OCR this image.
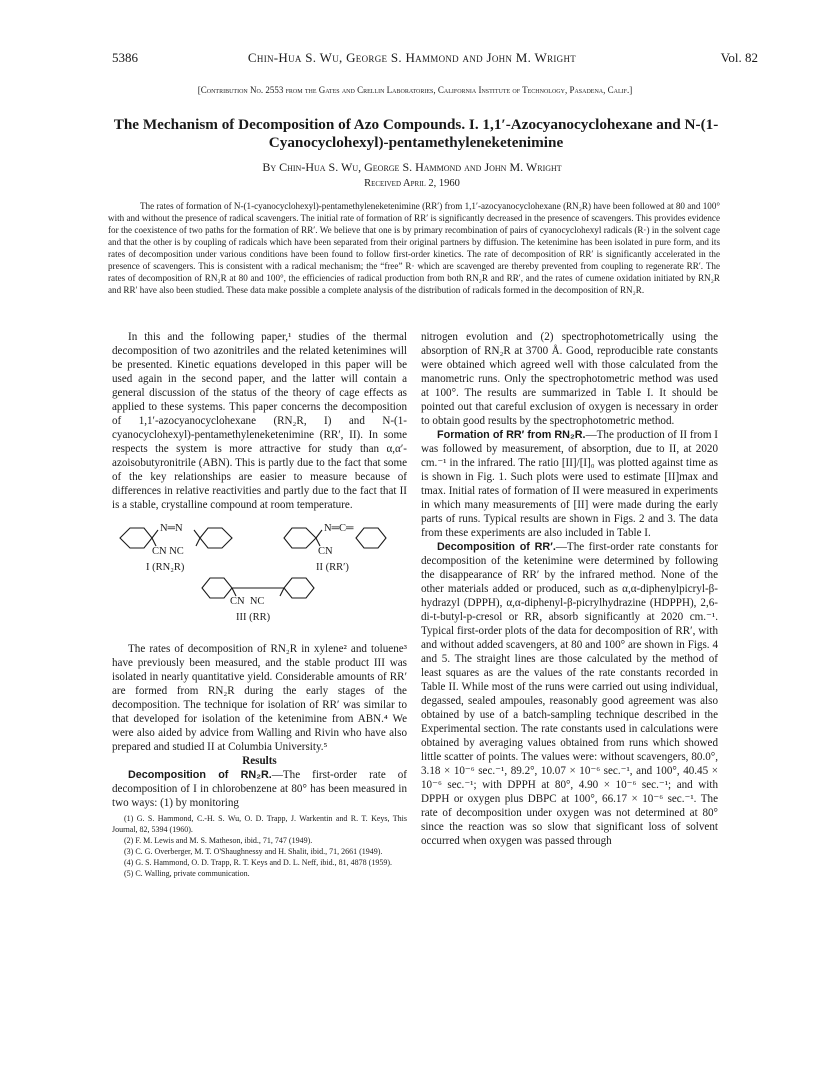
5386	Chin-Hua S. Wu, George S. Hammond and John M. Wright	Vol. 82
[Contribution No. 2553 from the Gates and Crellin Laboratories, California Institute of Technology, Pasadena, Calif.]
The Mechanism of Decomposition of Azo Compounds. I. 1,1′-Azocyanocyclohexane and N-(1-Cyanocyclohexyl)-pentamethyleneketenimine
By Chin-Hua S. Wu, George S. Hammond and John M. Wright
Received April 2, 1960
The rates of formation of N-(1-cyanocyclohexyl)-pentamethyleneketenimine (RR′) from 1,1′-azocyanocyclohexane (RN₂R) have been followed at 80 and 100° with and without the presence of radical scavengers. The initial rate of formation of RR′ is significantly decreased in the presence of scavengers. This provides evidence for the coexistence of two paths for the formation of RR′. We believe that one is by primary recombination of pairs of cyanocyclohexyl radicals (R·) in the solvent cage and that the other is by coupling of radicals which have been separated from their original partners by diffusion. The ketenimine has been isolated in pure form, and its rates of decomposition under various conditions have been found to follow first-order kinetics. The rate of decomposition of RR′ is significantly accelerated in the presence of scavengers. This is consistent with a radical mechanism; the “free” R· which are scavenged are thereby prevented from coupling to regenerate RR′. The rates of decomposition of RN₂R at 80 and 100°, the efficiencies of radical production from both RN₂R and RR′, and the rates of cumene oxidation initiated by RN₂R and RR′ have also been studied. These data make possible a complete analysis of the distribution of radicals formed in the decomposition of RN₂R.

In this and the following paper,¹ studies of the thermal decomposition of two azonitriles and the related ketenimines will be presented. Kinetic equations developed in this paper will be used again in the second paper, and the latter will contain a general discussion of the status of the theory of cage effects as applied to these systems. This paper concerns the decomposition of 1,1′-azocyanocyclohexane (RN₂R, I) and N-(1-cyanocyclohexyl)-pentamethyleneketenimine (RR′, II). In some respects the system is more attractive for study than α,α′-azoisobutyronitrile (ABN). This is partly due to the fact that some of the key relationships are easier to measure because of differences in relative reactivities and partly due to the fact that II is a stable, crystalline compound at room temperature.

N═N
CN NC
I (RN₂R)
N═C═
CN
II (RR′)
CN  NC
III (RR)

The rates of decomposition of RN₂R in xylene² and toluene³ have previously been measured, and the stable product III was isolated in nearly quantitative yield. Considerable amounts of RR′ are formed from RN₂R during the early stages of the decomposition. The technique for isolation of RR′ was similar to that developed for isolation of the ketenimine from ABN.⁴ We were also aided by advice from Walling and Rivin who have also prepared and studied II at Columbia University.⁵

Results

Decomposition of RN₂R.—The first-order rate of decomposition of I in chlorobenzene at 80° has been measured in two ways: (1) by monitoring

(1) G. S. Hammond, C.-H. S. Wu, O. D. Trapp, J. Warkentin and R. T. Keys, This Journal, 82, 5394 (1960).

(2) F. M. Lewis and M. S. Matheson, ibid., 71, 747 (1949).

(3) C. G. Overberger, M. T. O'Shaughnessy and H. Shalit, ibid., 71, 2661 (1949).

(4) G. S. Hammond, O. D. Trapp, R. T. Keys and D. L. Neff, ibid., 81, 4878 (1959).

(5) C. Walling, private communication.

nitrogen evolution and (2) spectrophotometrically using the absorption of RN₂R at 3700 Å. Good, reproducible rate constants were obtained which agreed well with those calculated from the manometric runs. Only the spectrophotometric method was used at 100°. The results are summarized in Table I. It should be pointed out that careful exclusion of oxygen is necessary in order to obtain good results by the spectrophotometric method.

Formation of RR′ from RN₂R.—The production of II from I was followed by measurement, of absorption, due to II, at 2020 cm.⁻¹ in the infrared. The ratio [II]/[I]₀ was plotted against time as is shown in Fig. 1. Such plots were used to estimate [II]max and tmax. Initial rates of formation of II were measured in experiments in which many measurements of [II] were made during the early parts of runs. Typical results are shown in Figs. 2 and 3. The data from these experiments are also included in Table I.

Decomposition of RR′.—The first-order rate constants for decomposition of the ketenimine were determined by following the disappearance of RR′ by the infrared method. None of the other materials added or produced, such as α,α-diphenylpicryl-β-hydrazyl (DPPH), α,α-diphenyl-β-picrylhydrazine (HDPPH), 2,6-di-t-butyl-p-cresol or RR, absorb significantly at 2020 cm.⁻¹. Typical first-order plots of the data for decomposition of RR′, with and without added scavengers, at 80 and 100° are shown in Figs. 4 and 5. The straight lines are those calculated by the method of least squares as are the values of the rate constants recorded in Table II. While most of the runs were carried out using individual, degassed, sealed ampoules, reasonably good agreement was also obtained by use of a batch-sampling technique described in the Experimental section. The rate constants used in calculations were obtained by averaging values obtained from runs which showed little scatter of points. The values were: without scavengers, 80.0°, 3.18 × 10⁻⁶ sec.⁻¹, 89.2°, 10.07 × 10⁻⁶ sec.⁻¹, and 100°, 40.45 × 10⁻⁶ sec.⁻¹; with DPPH at 80°, 4.90 × 10⁻⁶ sec.⁻¹; and with DPPH or oxygen plus DBPC at 100°, 66.17 × 10⁻⁶ sec.⁻¹. The rate of decomposition under oxygen was not determined at 80° since the reaction was so slow that significant loss of solvent occurred when oxygen was passed through
